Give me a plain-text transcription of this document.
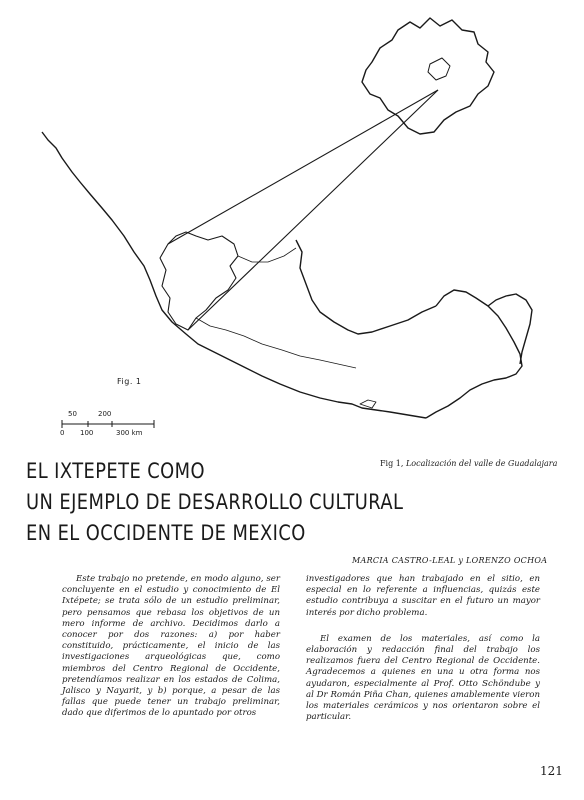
Fig. 1
50	200
0 100	300 km
Fig 1, Localización del valle de Guadalajara
EL IXTEPETE COMO
UN EJEMPLO DE DESARROLLO CULTURAL
EN EL OCCIDENTE DE MEXICO
MARCIA CASTRO-LEAL y LORENZO OCHOA

Este trabajo no pretende, en modo alguno, ser concluyente en el estudio y conocimiento de El Ixtépete; se trata sólo de un estudio preliminar, pero pensamos que rebasa los objetivos de un mero informe de archivo. Decidimos darlo a conocer por dos razones: a) por haber constituido, prácticamente, el inicio de las investigaciones arqueológicas que, como miembros del Centro Regional de Occidente, pretendíamos realizar en los estados de Colima, Jalisco y Nayarit, y b) porque, a pesar de las fallas que puede tener un trabajo preliminar, dado que diferimos de lo apuntado por otros

investigadores que han trabajado en el sitio, en especial en lo referente a influencias, quizás este estudio contribuya a suscitar en el futuro un mayor interés por dicho problema.

El examen de los materiales, así como la elaboración y redacción final del trabajo los realizamos fuera del Centro Regional de Occidente. Agradecemos a quienes en una u otra forma nos ayudaron, especialmente al Prof. Otto Schöndube y al Dr Román Piña Chan, quienes amablemente vieron los materiales cerámicos y nos orientaron sobre el particular.

121
